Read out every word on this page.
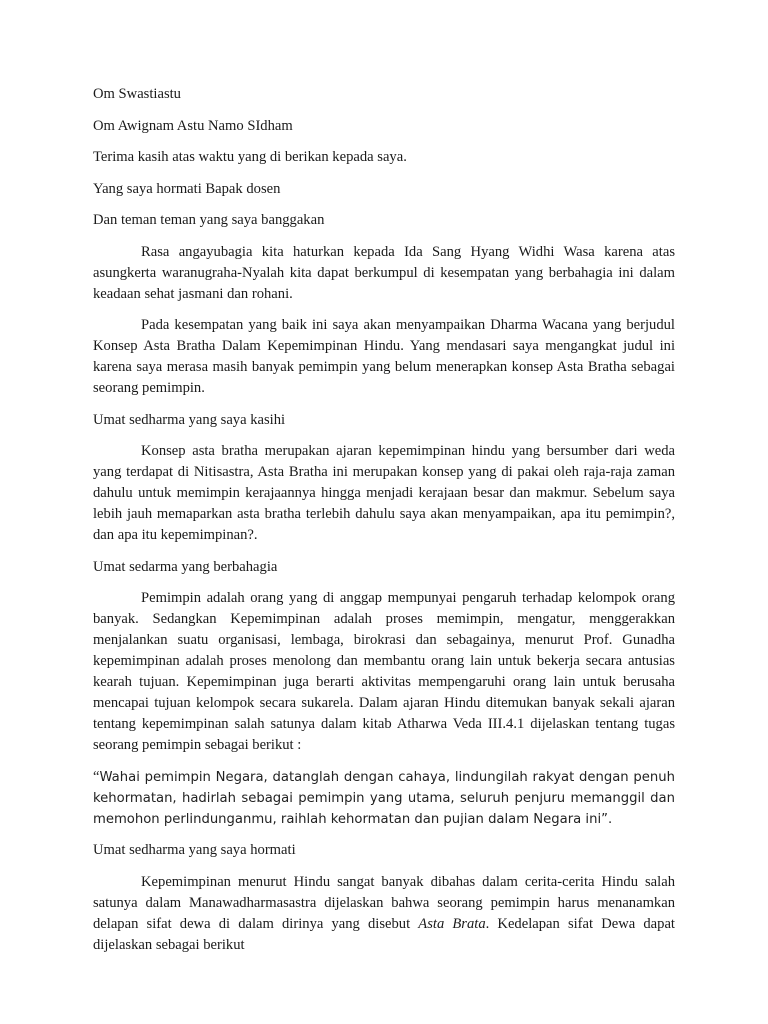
Om Swastiastu

Om Awignam Astu Namo SIdham

Terima kasih atas waktu yang di berikan kepada saya.

Yang saya hormati Bapak dosen

Dan teman teman yang saya banggakan

Rasa angayubagia kita haturkan kepada Ida Sang Hyang Widhi Wasa karena atas asungkerta waranugraha-Nyalah kita dapat berkumpul di kesempatan yang berbahagia ini dalam keadaan sehat jasmani dan rohani.

Pada kesempatan yang baik ini saya akan menyampaikan Dharma Wacana yang berjudul Konsep Asta Bratha Dalam Kepemimpinan Hindu. Yang mendasari saya mengangkat judul ini karena saya merasa masih banyak pemimpin yang belum menerapkan konsep Asta Bratha sebagai seorang pemimpin.

Umat sedharma yang saya kasihi

Konsep asta bratha merupakan ajaran kepemimpinan hindu yang bersumber dari weda yang terdapat di Nitisastra, Asta Bratha ini merupakan konsep yang di pakai oleh raja-raja zaman dahulu untuk memimpin kerajaannya hingga menjadi kerajaan besar dan makmur. Sebelum saya lebih jauh memaparkan asta bratha terlebih dahulu saya akan menyampaikan, apa itu pemimpin?, dan apa itu kepemimpinan?.

Umat sedarma yang berbahagia

Pemimpin adalah orang yang di anggap mempunyai pengaruh terhadap kelompok orang banyak. Sedangkan Kepemimpinan adalah proses memimpin, mengatur, menggerakkan menjalankan suatu organisasi, lembaga, birokrasi dan sebagainya, menurut Prof. Gunadha kepemimpinan adalah proses menolong dan membantu orang lain untuk bekerja secara antusias kearah tujuan. Kepemimpinan juga berarti aktivitas mempengaruhi orang lain untuk berusaha mencapai tujuan kelompok secara sukarela. Dalam ajaran Hindu ditemukan banyak sekali ajaran tentang kepemimpinan salah satunya dalam kitab Atharwa Veda III.4.1 dijelaskan tentang tugas seorang pemimpin sebagai berikut :

“Wahai pemimpin Negara, datanglah dengan cahaya, lindungilah rakyat dengan penuh kehormatan, hadirlah sebagai pemimpin yang utama, seluruh penjuru memanggil dan memohon perlindunganmu, raihlah kehormatan dan pujian dalam Negara ini”.

Umat sedharma yang saya hormati

Kepemimpinan menurut Hindu sangat banyak dibahas dalam cerita-cerita Hindu salah satunya dalam Manawadharmasastra dijelaskan bahwa seorang pemimpin harus menanamkan delapan sifat dewa di dalam dirinya yang disebut Asta Brata. Kedelapan sifat Dewa dapat dijelaskan sebagai berikut
